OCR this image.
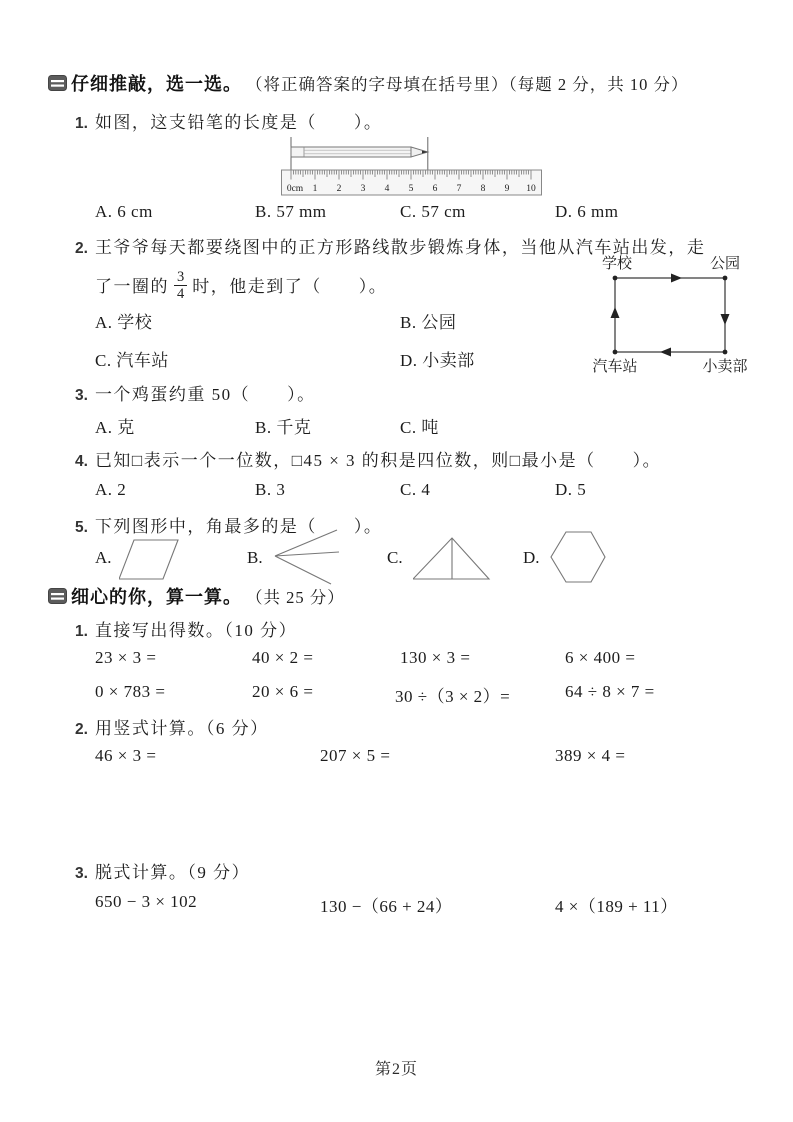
仔细推敲，选一选。 （将正确答案的字母填在括号里）（每题 2 分，共 10 分）
1. 如图，这支铅笔的长度是（　　）。
0cm 1 2 3 4 5 6 7 8 9 10
A. 6 cm	B. 57 mm	C. 57 cm	D. 6 mm
2. 王爷爷每天都要绕图中的正方形路线散步锻炼身体，当他从汽车站出发，走
了一圈的 $\frac{3}{4}$ 时，他走到了（　　）。
学校	公园
汽车站	小卖部
A. 学校	B. 公园
C. 汽车站	D. 小卖部
3. 一个鸡蛋约重 50（　　）。
A. 克	B. 千克	C. 吨
4. 已知□表示一个一位数，□45 × 3 的积是四位数，则□最小是（　　）。
A. 2	B. 3	C. 4	D. 5
5. 下列图形中，角最多的是（　　）。
A.	B.	C.	D.
细心的你，算一算。 （共 25 分）
1. 直接写出得数。（10 分）
23 × 3 =	40 × 2 =	130 × 3 =	6 × 400 =
0 × 783 =	20 × 6 =	30 ÷（3 × 2）=	64 ÷ 8 × 7 =
2. 用竖式计算。（6 分）
46 × 3 =	207 × 5 =	389 × 4 =
3. 脱式计算。（9 分）
650 − 3 × 102	130 −（66 + 24）	4 ×（189 + 11）
第2页
